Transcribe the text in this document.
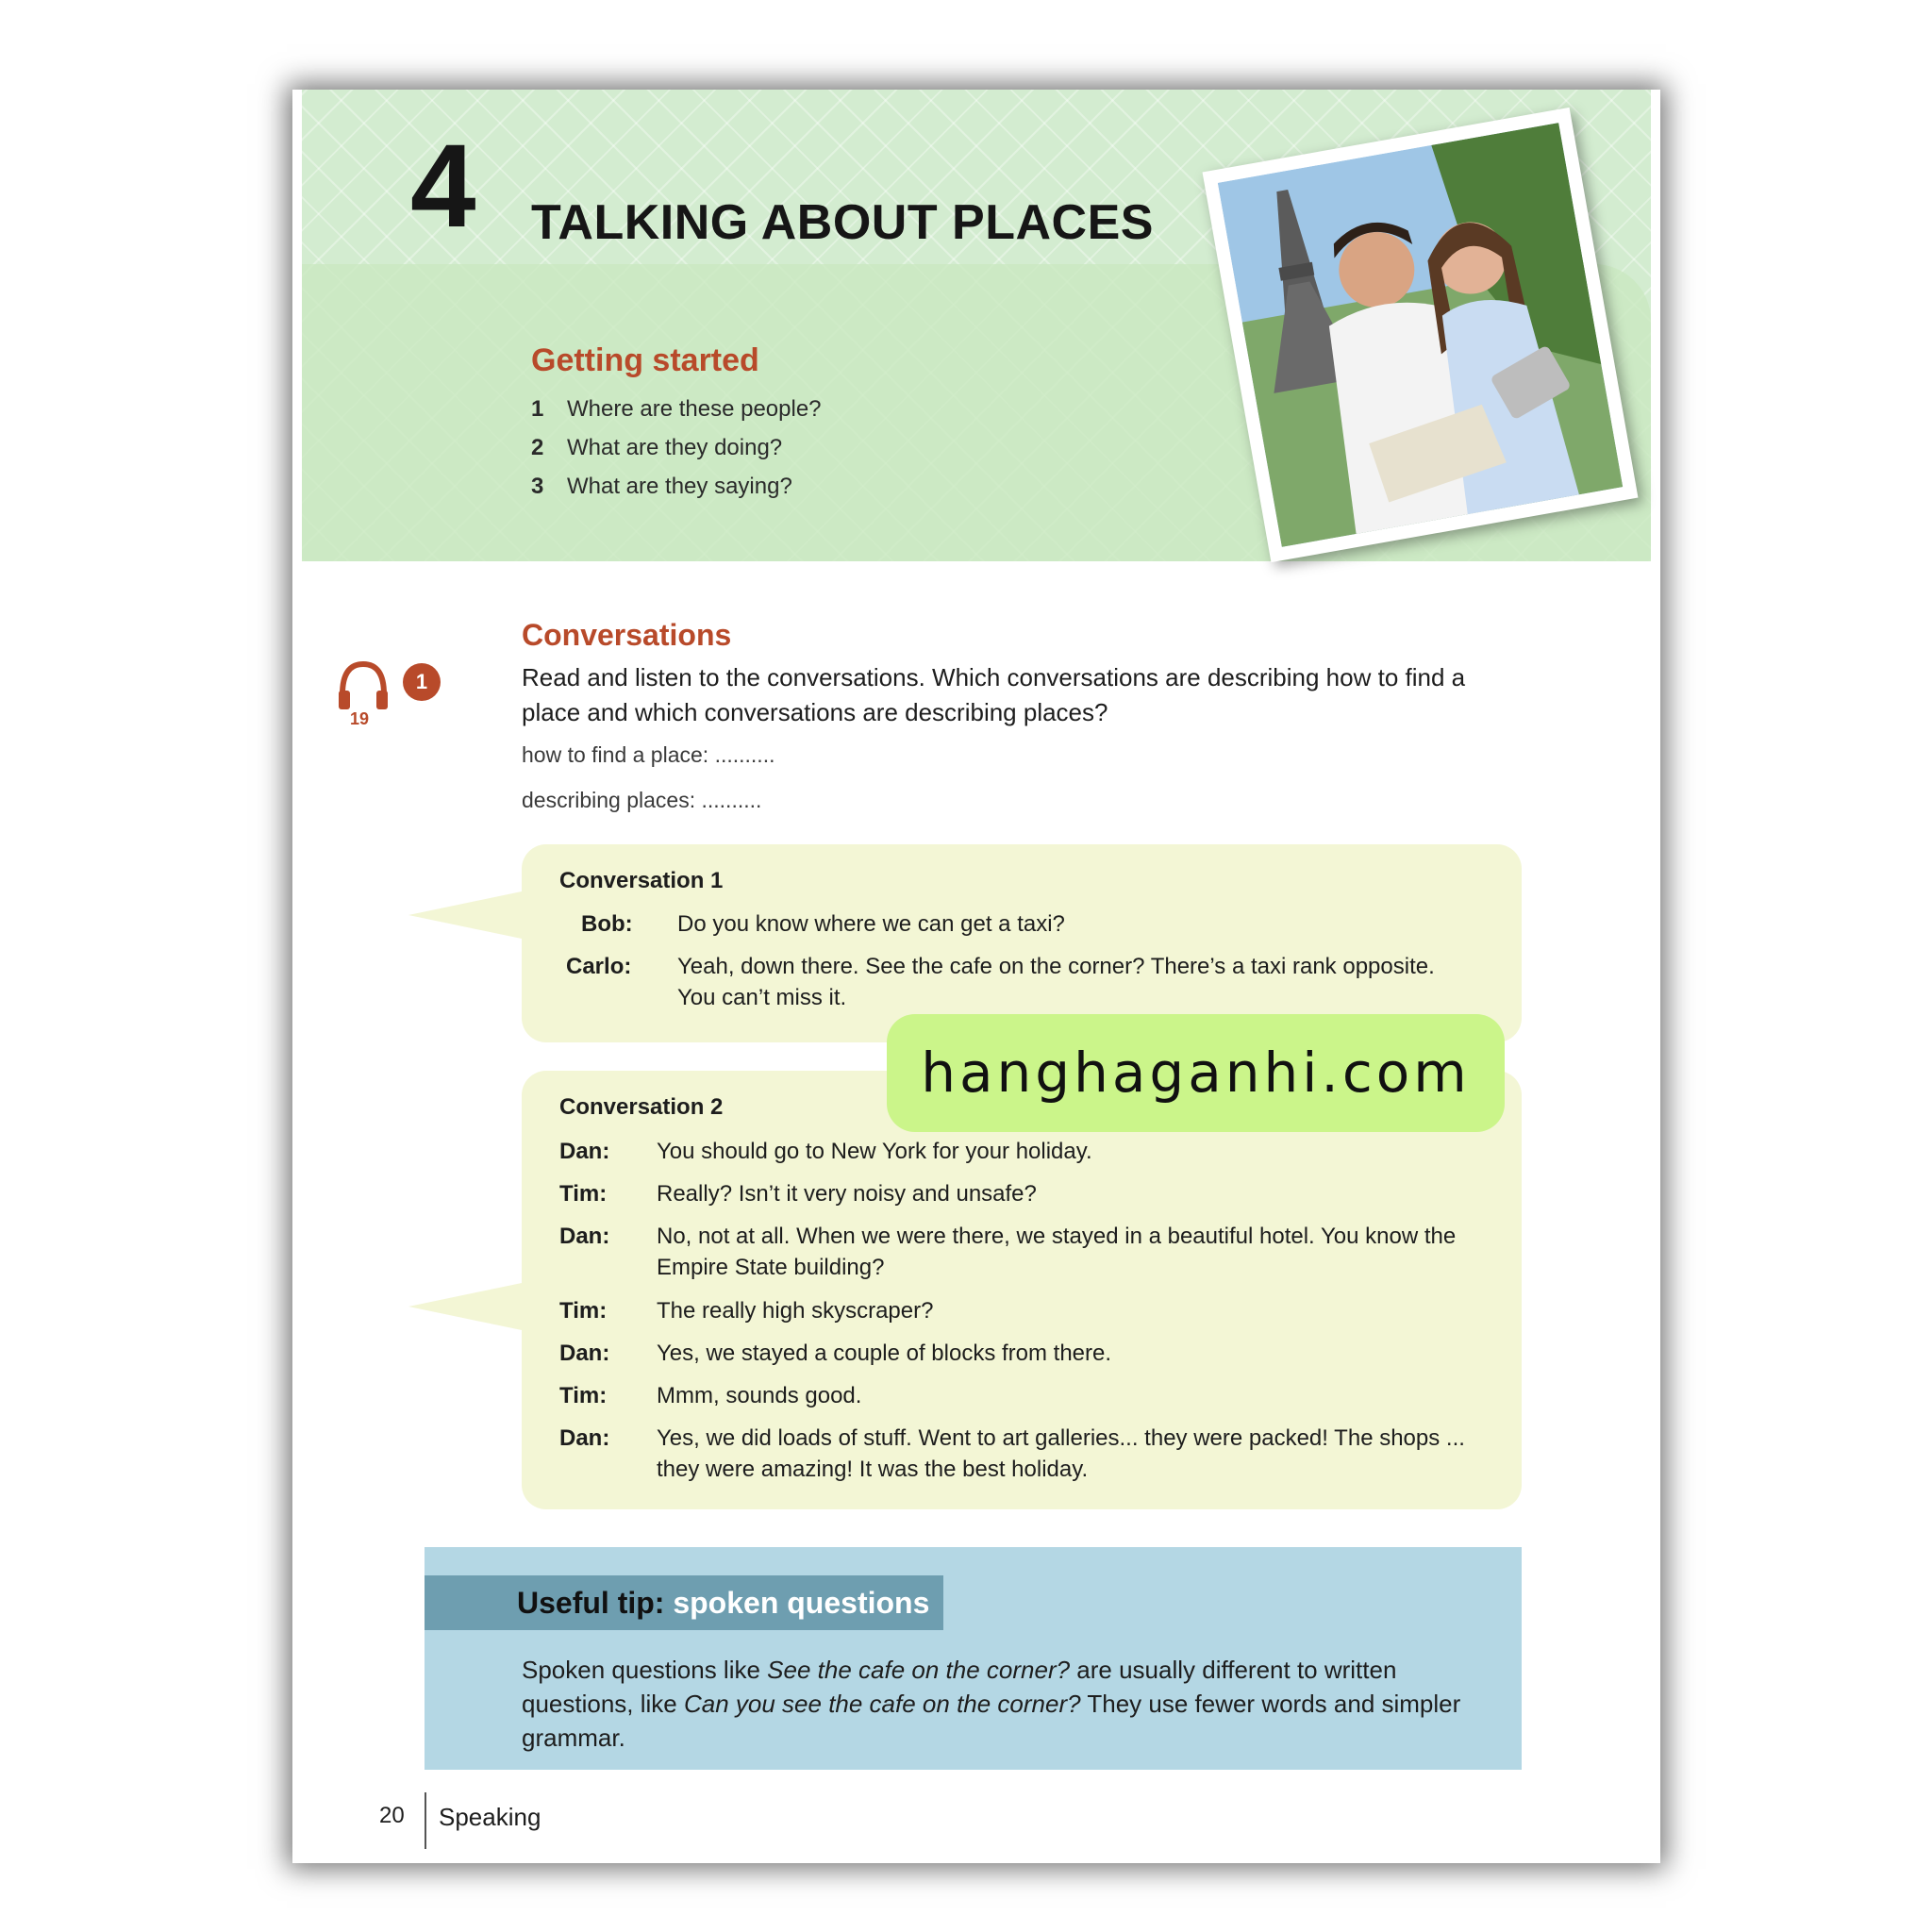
4 TALKING ABOUT PLACES
Getting started
1 Where are these people?
2 What are they doing?
3 What are they saying?
Conversations
19
1	Read and listen to the conversations. Which conversations are describing how to find a place and which conversations are describing places?
how to find a place: ..........
describing places: ..........
Conversation 1
Bob: Do you know where we can get a taxi?
Carlo: Yeah, down there. See the cafe on the corner? There’s a taxi rank opposite. You can’t miss it.
Conversation 2
Dan: You should go to New York for your holiday.
Tim: Really? Isn’t it very noisy and unsafe?
Dan: No, not at all. When we were there, we stayed in a beautiful hotel. You know the Empire State building?
Tim: The really high skyscraper?
Dan: Yes, we stayed a couple of blocks from there.
Tim: Mmm, sounds good.
Dan: Yes, we did loads of stuff. Went to art galleries... they were packed! The shops ... they were amazing! It was the best holiday.
Useful tip: spoken questions
Spoken questions like See the cafe on the corner? are usually different to written questions, like Can you see the cafe on the corner? They use fewer words and simpler grammar.
20 Speaking
hanghaganhi.com
